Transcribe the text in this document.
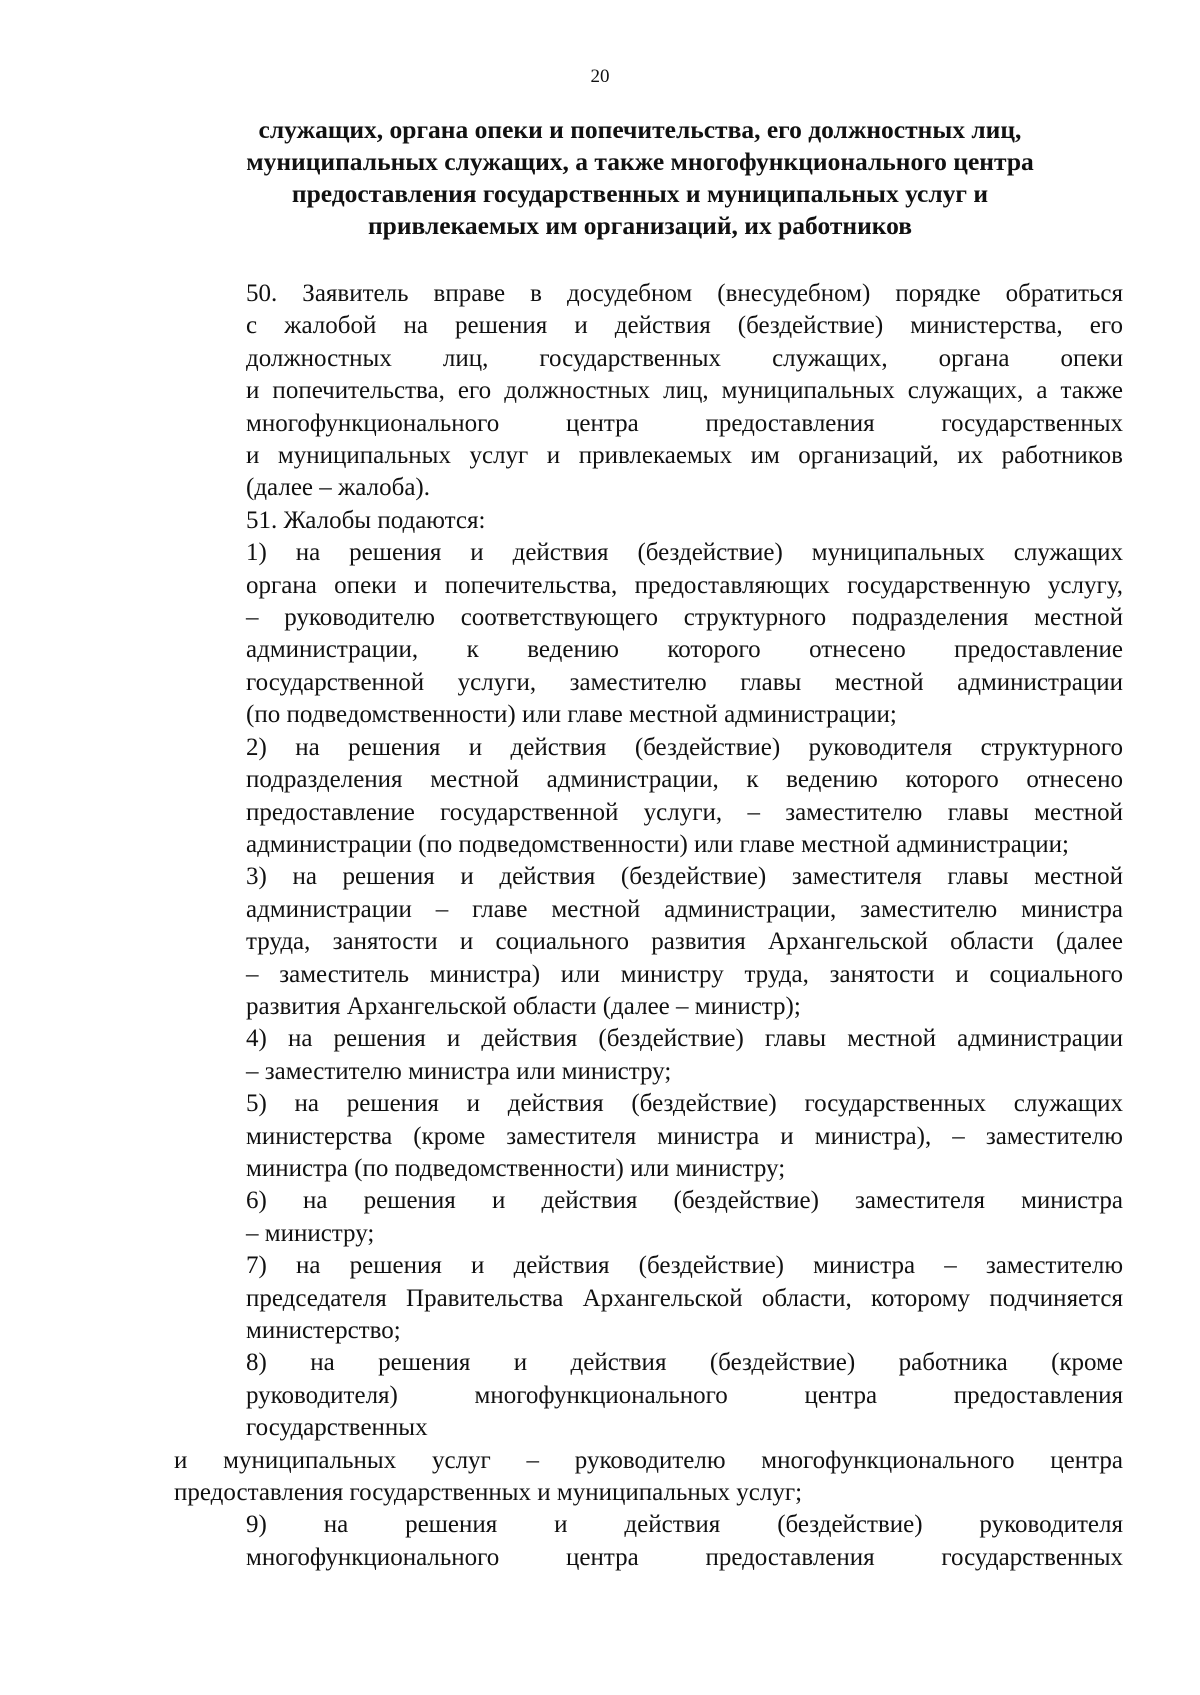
20
служащих, органа опеки и попечительства, его должностных лиц,
муниципальных служащих, а также многофункционального центра
предоставления государственных и муниципальных услуг и
привлекаемых им организаций, их работников

50. Заявитель вправе в досудебном (внесудебном) порядке обратиться
с жалобой на решения и действия (бездействие) министерства, его
должностных лиц, государственных служащих, органа опеки
и попечительства, его должностных лиц, муниципальных служащих, а также
многофункционального центра предоставления государственных
и муниципальных услуг и привлекаемых им организаций, их работников
(далее – жалоба).

51. Жалобы подаются:

1) на решения и действия (бездействие) муниципальных служащих
органа опеки и попечительства, предоставляющих государственную услугу,
– руководителю соответствующего структурного подразделения местной
администрации, к ведению которого отнесено предоставление
государственной услуги, заместителю главы местной администрации
(по подведомственности) или главе местной администрации;

2) на решения и действия (бездействие) руководителя структурного
подразделения местной администрации, к ведению которого отнесено
предоставление государственной услуги, – заместителю главы местной
администрации (по подведомственности) или главе местной администрации;

3) на решения и действия (бездействие) заместителя главы местной
администрации – главе местной администрации, заместителю министра
труда, занятости и социального развития Архангельской области (далее
– заместитель министра) или министру труда, занятости и социального
развития Архангельской области (далее – министр);

4) на решения и действия (бездействие) главы местной администрации
– заместителю министра или министру;

5) на решения и действия (бездействие) государственных служащих
министерства (кроме заместителя министра и министра), – заместителю
министра (по подведомственности) или министру;

6) на решения и действия (бездействие) заместителя министра
– министру;

7) на решения и действия (бездействие) министра – заместителю
председателя Правительства Архангельской области, которому подчиняется
министерство;

8) на решения и действия (бездействие) работника (кроме
руководителя) многофункционального центра предоставления
государственных

и муниципальных услуг – руководителю многофункционального центра
предоставления государственных и муниципальных услуг;

9) на решения и действия (бездействие) руководителя
многофункционального центра предоставления государственных
